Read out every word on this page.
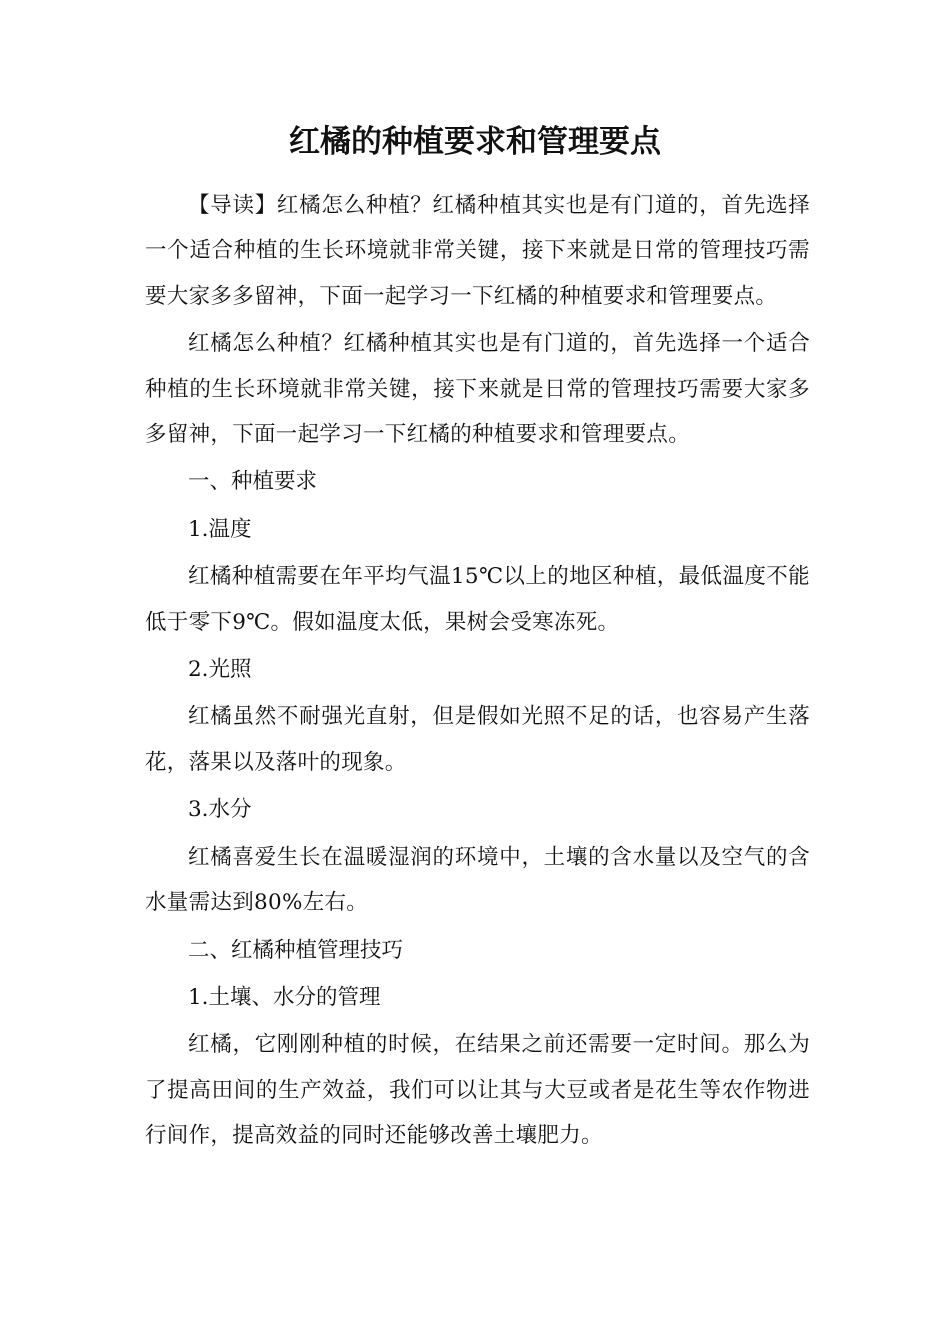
红橘的种植要求和管理要点

【导读】红橘怎么种植？红橘种植其实也是有门道的，首先选择一个适合种植的生长环境就非常关键，接下来就是日常的管理技巧需要大家多多留神，下面一起学习一下红橘的种植要求和管理要点。

红橘怎么种植？红橘种植其实也是有门道的，首先选择一个适合种植的生长环境就非常关键，接下来就是日常的管理技巧需要大家多多留神，下面一起学习一下红橘的种植要求和管理要点。

一、种植要求

1.温度

红橘种植需要在年平均气温15℃以上的地区种植，最低温度不能低于零下9℃。假如温度太低，果树会受寒冻死。

2.光照

红橘虽然不耐强光直射，但是假如光照不足的话，也容易产生落花，落果以及落叶的现象。

3.水分

红橘喜爱生长在温暖湿润的环境中，土壤的含水量以及空气的含水量需达到80%左右。

二、红橘种植管理技巧

1.土壤、水分的管理

红橘，它刚刚种植的时候，在结果之前还需要一定时间。那么为了提高田间的生产效益，我们可以让其与大豆或者是花生等农作物进行间作，提高效益的同时还能够改善土壤肥力。
